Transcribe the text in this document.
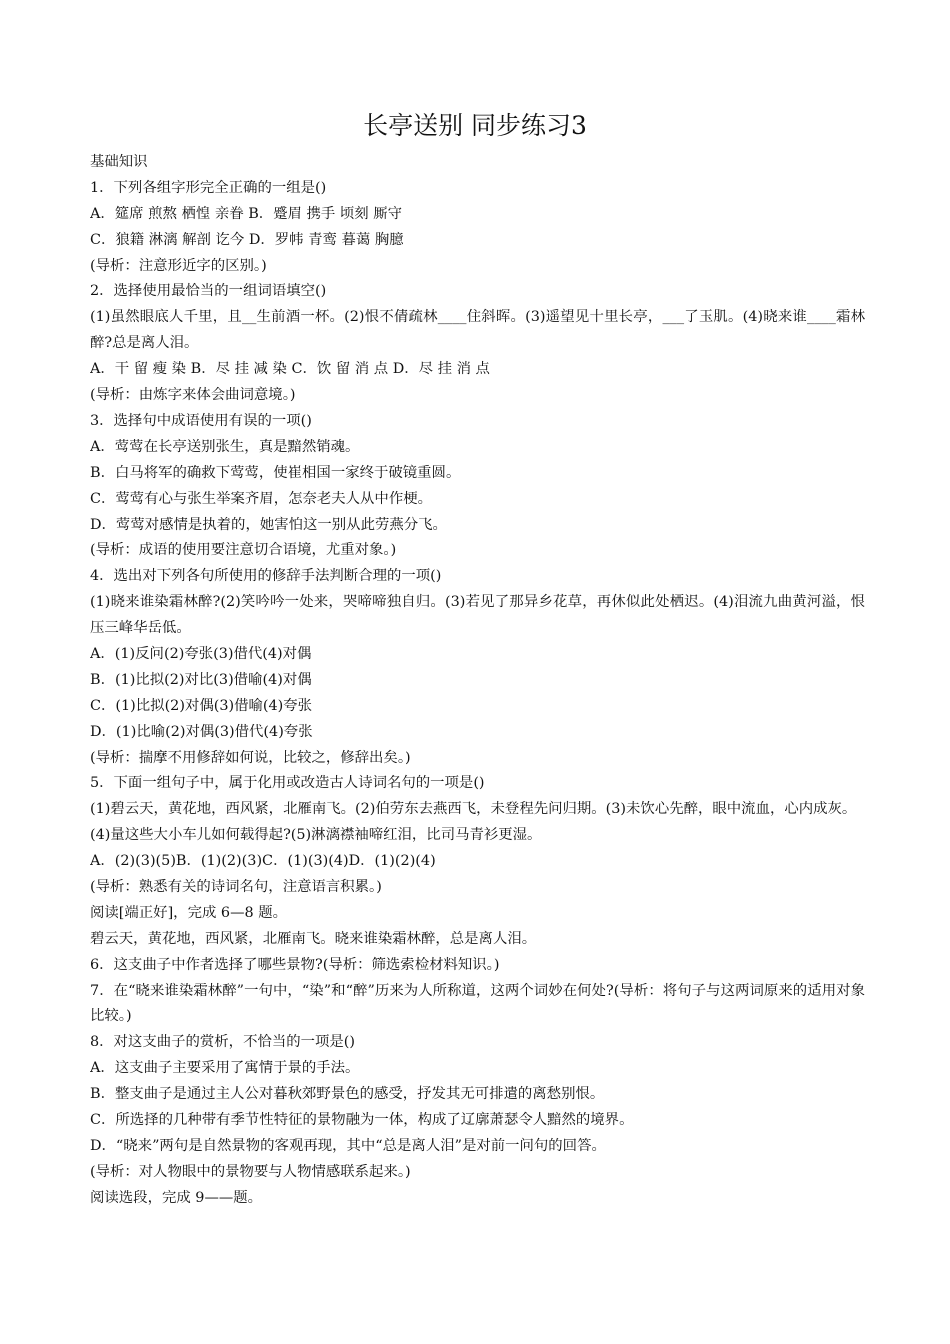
长亭送别 同步练习3

基础知识

1．下列各组字形完全正确的一组是()

A．筵席 煎熬 栖惶 亲眷 B．蹙眉 携手 顷刻 厮守

C．狼籍 淋漓 解剖 讫今 D．罗帏 青鸾 暮蔼 胸臆

(导析：注意形近字的区别。)

2．选择使用最恰当的一组词语填空()

(1)虽然眼底人千里，且__生前酒一杯。(2)恨不倩疏林____住斜晖。(3)遥望见十里长亭，___了玉肌。(4)晓来谁____霜林醉?总是离人泪。

A．干 留 瘦 染 B．尽 挂 减 染 C．饮 留 消 点 D．尽 挂 消 点

(导析：由炼字来体会曲词意境。)

3．选择句中成语使用有误的一项()

A．莺莺在长亭送别张生，真是黯然销魂。

B．白马将军的确救下莺莺，使崔相国一家终于破镜重圆。

C．莺莺有心与张生举案齐眉，怎奈老夫人从中作梗。

D．莺莺对感情是执着的，她害怕这一别从此劳燕分飞。

(导析：成语的使用要注意切合语境，尤重对象。)

4．选出对下列各句所使用的修辞手法判断合理的一项()

(1)晓来谁染霜林醉?(2)笑吟吟一处来，哭啼啼独自归。(3)若见了那异乡花草，再休似此处栖迟。(4)泪流九曲黄河溢，恨压三峰华岳低。

A．(1)反问(2)夸张(3)借代(4)对偶

B．(1)比拟(2)对比(3)借喻(4)对偶

C．(1)比拟(2)对偶(3)借喻(4)夸张

D．(1)比喻(2)对偶(3)借代(4)夸张

(导析：揣摩不用修辞如何说，比较之，修辞出矣。)

5．下面一组句子中，属于化用或改造古人诗词名句的一项是()

(1)碧云天，黄花地，西风紧，北雁南飞。(2)伯劳东去燕西飞，未登程先问归期。(3)未饮心先醉，眼中流血，心内成灰。

(4)量这些大小车儿如何载得起?(5)淋漓襟袖啼红泪，比司马青衫更湿。

A．(2)(3)(5)B．(1)(2)(3)C．(1)(3)(4)D．(1)(2)(4)

(导析：熟悉有关的诗词名句，注意语言积累。)

阅读[端正好]，完成 6—8 题。

碧云天，黄花地，西风紧，北雁南飞。晓来谁染霜林醉，总是离人泪。

6．这支曲子中作者选择了哪些景物?(导析：筛选索检材料知识。)

7．在“晓来谁染霜林醉”一句中，“染”和“醉”历来为人所称道，这两个词妙在何处?(导析：将句子与这两词原来的适用对象比较。)

8．对这支曲子的赏析，不恰当的一项是()

A．这支曲子主要采用了寓情于景的手法。

B．整支曲子是通过主人公对暮秋郊野景色的感受，抒发其无可排遣的离愁别恨。

C．所选择的几种带有季节性特征的景物融为一体，构成了辽廓萧瑟令人黯然的境界。

D．“晓来”两句是自然景物的客观再现，其中“总是离人泪”是对前一问句的回答。

(导析：对人物眼中的景物要与人物情感联系起来。)

阅读选段，完成 9——题。
